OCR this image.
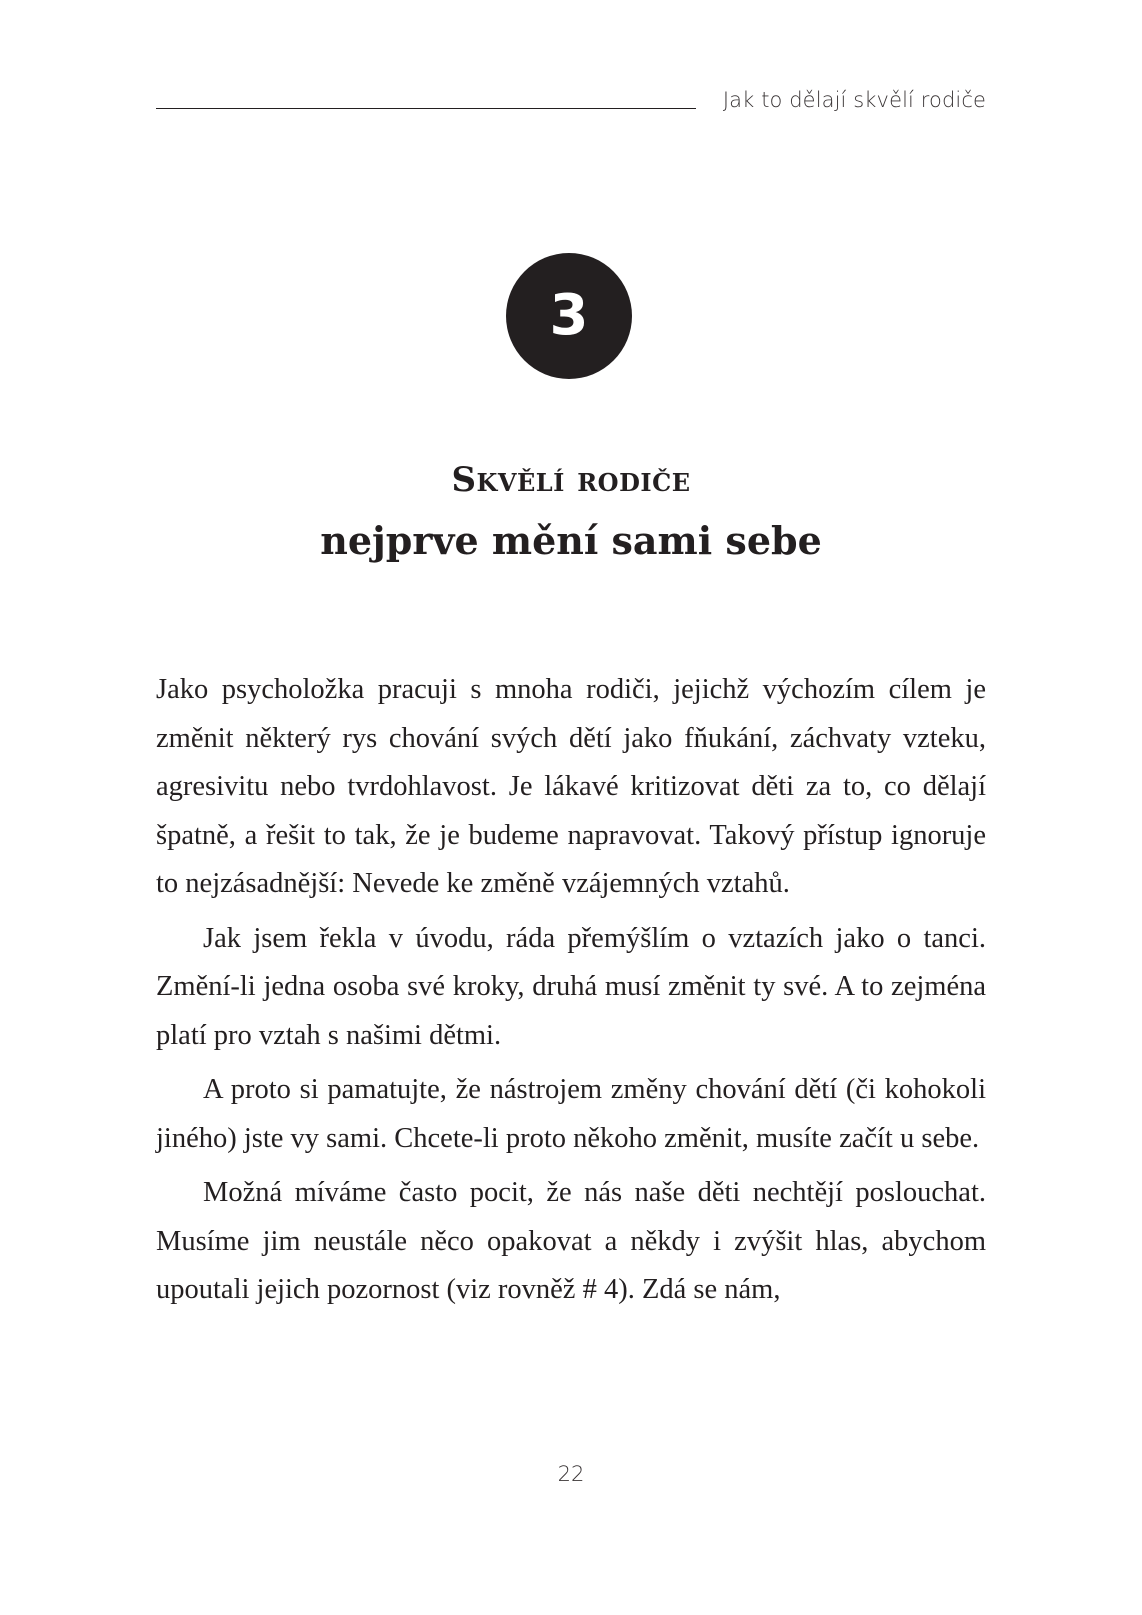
Jak to dělají skvělí rodiče
3
Skvělí rodiče
nejprve mění sami sebe

Jako psycholožka pracuji s mnoha rodiči, jejichž výchozím cílem je změnit některý rys chování svých dětí jako fňukání, záchvaty vzteku, agresivitu nebo tvrdohlavost. Je lákavé kritizovat děti za to, co dělají špatně, a řešit to tak, že je budeme napravovat. Takový přístup ignoruje to nejzásadnější: Nevede ke změně vzájemných vztahů.

Jak jsem řekla v úvodu, ráda přemýšlím o vztazích jako o tanci. Změní-li jedna osoba své kroky, druhá musí změnit ty své. A to zejména platí pro vztah s našimi dětmi.

A proto si pamatujte, že nástrojem změny chování dětí (či kohokoli jiného) jste vy sami. Chcete-li proto někoho změnit, musíte začít u sebe.

Možná míváme často pocit, že nás naše děti nechtějí poslouchat. Musíme jim neustále něco opakovat a někdy i zvýšit hlas, abychom upoutali jejich pozornost (viz rovněž # 4). Zdá se nám,

22
